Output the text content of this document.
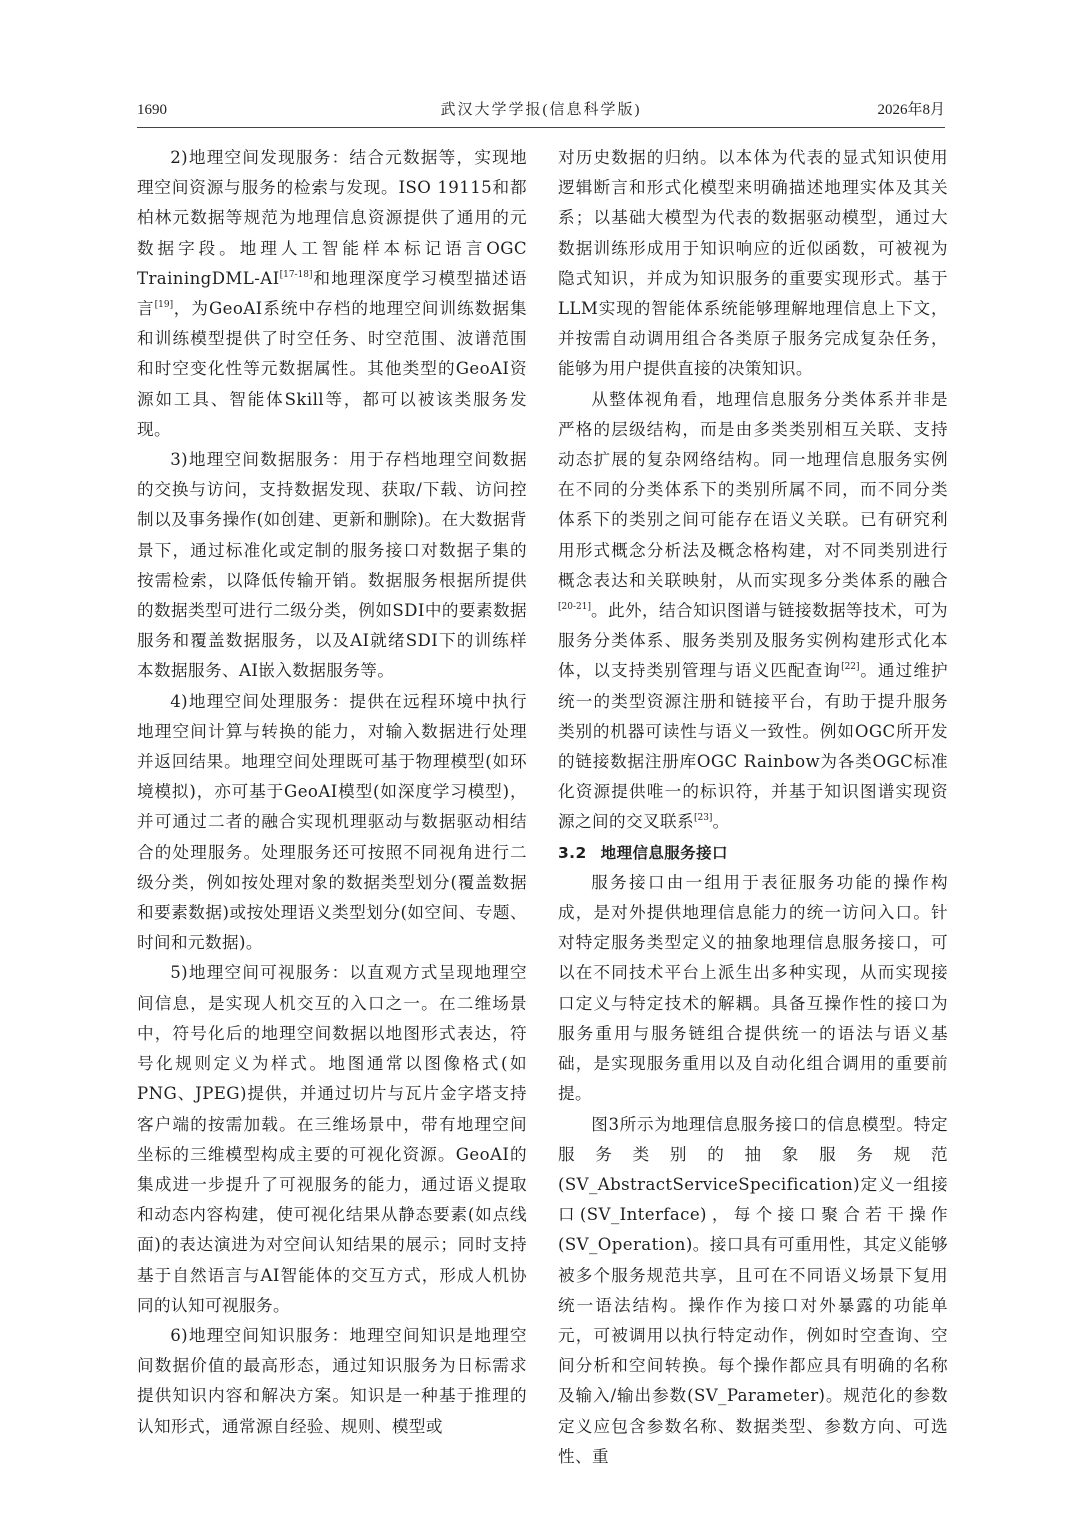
1690	武汉大学学报(信息科学版)	2026年8月

2)地理空间发现服务：结合元数据等，实现地理空间资源与服务的检索与发现。ISO 19115和都柏林元数据等规范为地理信息资源提供了通用的元数据字段。地理人工智能样本标记语言OGC TrainingDML-AI[17-18]和地理深度学习模型描述语言[19]，为GeoAI系统中存档的地理空间训练数据集和训练模型提供了时空任务、时空范围、波谱范围和时空变化性等元数据属性。其他类型的GeoAI资源如工具、智能体Skill等，都可以被该类服务发现。

3)地理空间数据服务：用于存档地理空间数据的交换与访问，支持数据发现、获取/下载、访问控制以及事务操作(如创建、更新和删除)。在大数据背景下，通过标准化或定制的服务接口对数据子集的按需检索，以降低传输开销。数据服务根据所提供的数据类型可进行二级分类，例如SDI中的要素数据服务和覆盖数据服务，以及AI就绪SDI下的训练样本数据服务、AI嵌入数据服务等。

4)地理空间处理服务：提供在远程环境中执行地理空间计算与转换的能力，对输入数据进行处理并返回结果。地理空间处理既可基于物理模型(如环境模拟)，亦可基于GeoAI模型(如深度学习模型)，并可通过二者的融合实现机理驱动与数据驱动相结合的处理服务。处理服务还可按照不同视角进行二级分类，例如按处理对象的数据类型划分(覆盖数据和要素数据)或按处理语义类型划分(如空间、专题、时间和元数据)。

5)地理空间可视服务：以直观方式呈现地理空间信息，是实现人机交互的入口之一。在二维场景中，符号化后的地理空间数据以地图形式表达，符号化规则定义为样式。地图通常以图像格式(如PNG、JPEG)提供，并通过切片与瓦片金字塔支持客户端的按需加载。在三维场景中，带有地理空间坐标的三维模型构成主要的可视化资源。GeoAI的集成进一步提升了可视服务的能力，通过语义提取和动态内容构建，使可视化结果从静态要素(如点线面)的表达演进为对空间认知结果的展示；同时支持基于自然语言与AI智能体的交互方式，形成人机协同的认知可视服务。

6)地理空间知识服务：地理空间知识是地理空间数据价值的最高形态，通过知识服务为日标需求提供知识内容和解决方案。知识是一种基于推理的认知形式，通常源自经验、规则、模型或

对历史数据的归纳。以本体为代表的显式知识使用逻辑断言和形式化模型来明确描述地理实体及其关系；以基础大模型为代表的数据驱动模型，通过大数据训练形成用于知识响应的近似函数，可被视为隐式知识，并成为知识服务的重要实现形式。基于LLM实现的智能体系统能够理解地理信息上下文，并按需自动调用组合各类原子服务完成复杂任务，能够为用户提供直接的决策知识。

从整体视角看，地理信息服务分类体系并非是严格的层级结构，而是由多类类别相互关联、支持动态扩展的复杂网络结构。同一地理信息服务实例在不同的分类体系下的类别所属不同，而不同分类体系下的类别之间可能存在语义关联。已有研究利用形式概念分析法及概念格构建，对不同类别进行概念表达和关联映射，从而实现多分类体系的融合[20-21]。此外，结合知识图谱与链接数据等技术，可为服务分类体系、服务类别及服务实例构建形式化本体，以支持类别管理与语义匹配查询[22]。通过维护统一的类型资源注册和链接平台，有助于提升服务类别的机器可读性与语义一致性。例如OGC所开发的链接数据注册库OGC Rainbow为各类OGC标准化资源提供唯一的标识符，并基于知识图谱实现资源之间的交叉联系[23]。

3.2 地理信息服务接口

服务接口由一组用于表征服务功能的操作构成，是对外提供地理信息能力的统一访问入口。针对特定服务类型定义的抽象地理信息服务接口，可以在不同技术平台上派生出多种实现，从而实现接口定义与特定技术的解耦。具备互操作性的接口为服务重用与服务链组合提供统一的语法与语义基础，是实现服务重用以及自动化组合调用的重要前提。

图3所示为地理信息服务接口的信息模型。特定服务类别的抽象服务规范(SV_AbstractServiceSpecification)定义一组接口(SV_Interface)，每个接口聚合若干操作(SV_Operation)。接口具有可重用性，其定义能够被多个服务规范共享，且可在不同语义场景下复用统一语法结构。操作作为接口对外暴露的功能单元，可被调用以执行特定动作，例如时空查询、空间分析和空间转换。每个操作都应具有明确的名称及输入/输出参数(SV_Parameter)。规范化的参数定义应包含参数名称、数据类型、参数方向、可选性、重
